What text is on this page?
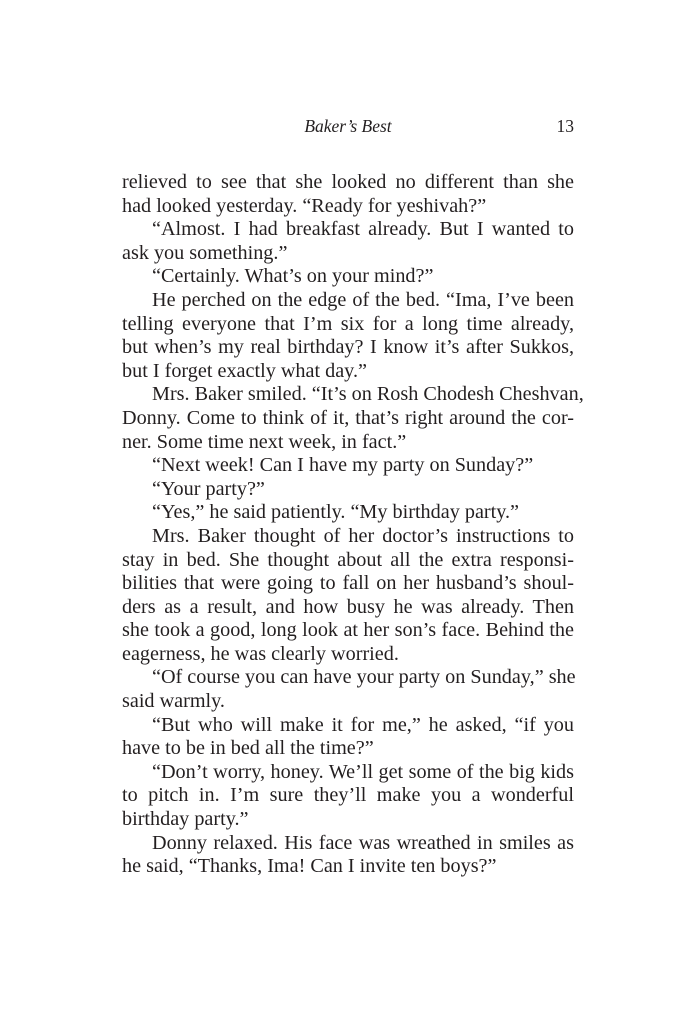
Baker’s Best	13
relieved to see that she looked no different than she
had looked yesterday. “Ready for yeshivah?”
“Almost. I had breakfast already. But I wanted to
ask you something.”
“Certainly. What’s on your mind?”
He perched on the edge of the bed. “Ima, I’ve been
telling everyone that I’m six for a long time already,
but when’s my real birthday? I know it’s after Sukkos,
but I forget exactly what day.”
Mrs. Baker smiled. “It’s on Rosh Chodesh Cheshvan,
Donny. Come to think of it, that’s right around the cor-
ner. Some time next week, in fact.”
“Next week! Can I have my party on Sunday?”
“Your party?”
“Yes,” he said patiently. “My birthday party.”
Mrs. Baker thought of her doctor’s instructions to
stay in bed. She thought about all the extra responsi-
bilities that were going to fall on her husband’s shoul-
ders as a result, and how busy he was already. Then
she took a good, long look at her son’s face. Behind the
eagerness, he was clearly worried.
“Of course you can have your party on Sunday,” she
said warmly.
“But who will make it for me,” he asked, “if you
have to be in bed all the time?”
“Don’t worry, honey. We’ll get some of the big kids
to pitch in. I’m sure they’ll make you a wonderful
birthday party.”
Donny relaxed. His face was wreathed in smiles as
he said, “Thanks, Ima! Can I invite ten boys?”
